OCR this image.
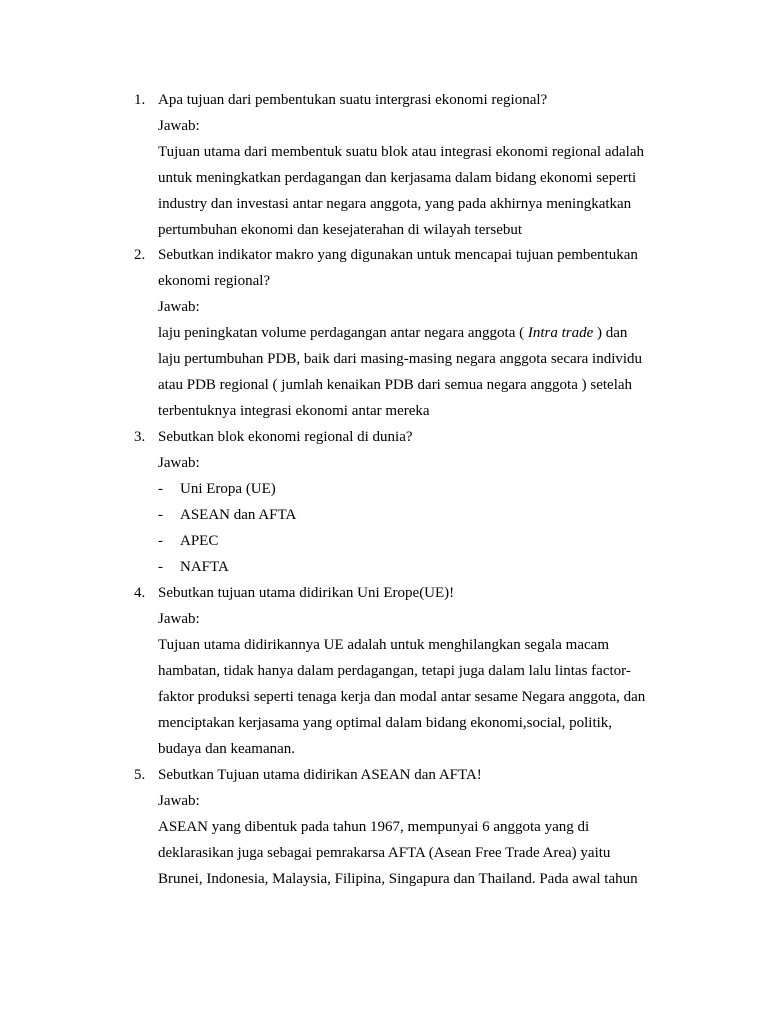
1. Apa tujuan dari pembentukan suatu intergrasi ekonomi regional?
Jawab:
Tujuan utama dari membentuk suatu blok atau integrasi ekonomi regional adalah
untuk meningkatkan perdagangan dan kerjasama dalam bidang ekonomi seperti
industry dan investasi antar negara anggota, yang pada akhirnya meningkatkan
pertumbuhan ekonomi dan kesejaterahan di wilayah tersebut
2. Sebutkan indikator makro yang digunakan untuk mencapai tujuan pembentukan
ekonomi regional?
Jawab:
laju peningkatan volume perdagangan antar negara anggota ( Intra trade ) dan
laju pertumbuhan PDB, baik dari masing-masing negara anggota secara individu
atau PDB regional ( jumlah kenaikan PDB dari semua negara anggota ) setelah
terbentuknya integrasi ekonomi antar mereka
3. Sebutkan blok ekonomi regional di dunia?
Jawab:
- Uni Eropa (UE)
- ASEAN dan AFTA
- APEC
- NAFTA
4. Sebutkan tujuan utama didirikan Uni Erope(UE)!
Jawab:
Tujuan utama didirikannya UE adalah untuk menghilangkan segala macam
hambatan, tidak hanya dalam perdagangan, tetapi juga dalam lalu lintas factor-
faktor produksi seperti tenaga kerja dan modal antar sesame Negara anggota, dan
menciptakan kerjasama yang optimal dalam bidang ekonomi,social, politik,
budaya dan keamanan.
5. Sebutkan Tujuan utama didirikan ASEAN dan AFTA!
Jawab:
ASEAN yang dibentuk pada tahun 1967, mempunyai 6 anggota yang di
deklarasikan juga sebagai pemrakarsa AFTA (Asean Free Trade Area) yaitu
Brunei, Indonesia, Malaysia, Filipina, Singapura dan Thailand. Pada awal tahun
